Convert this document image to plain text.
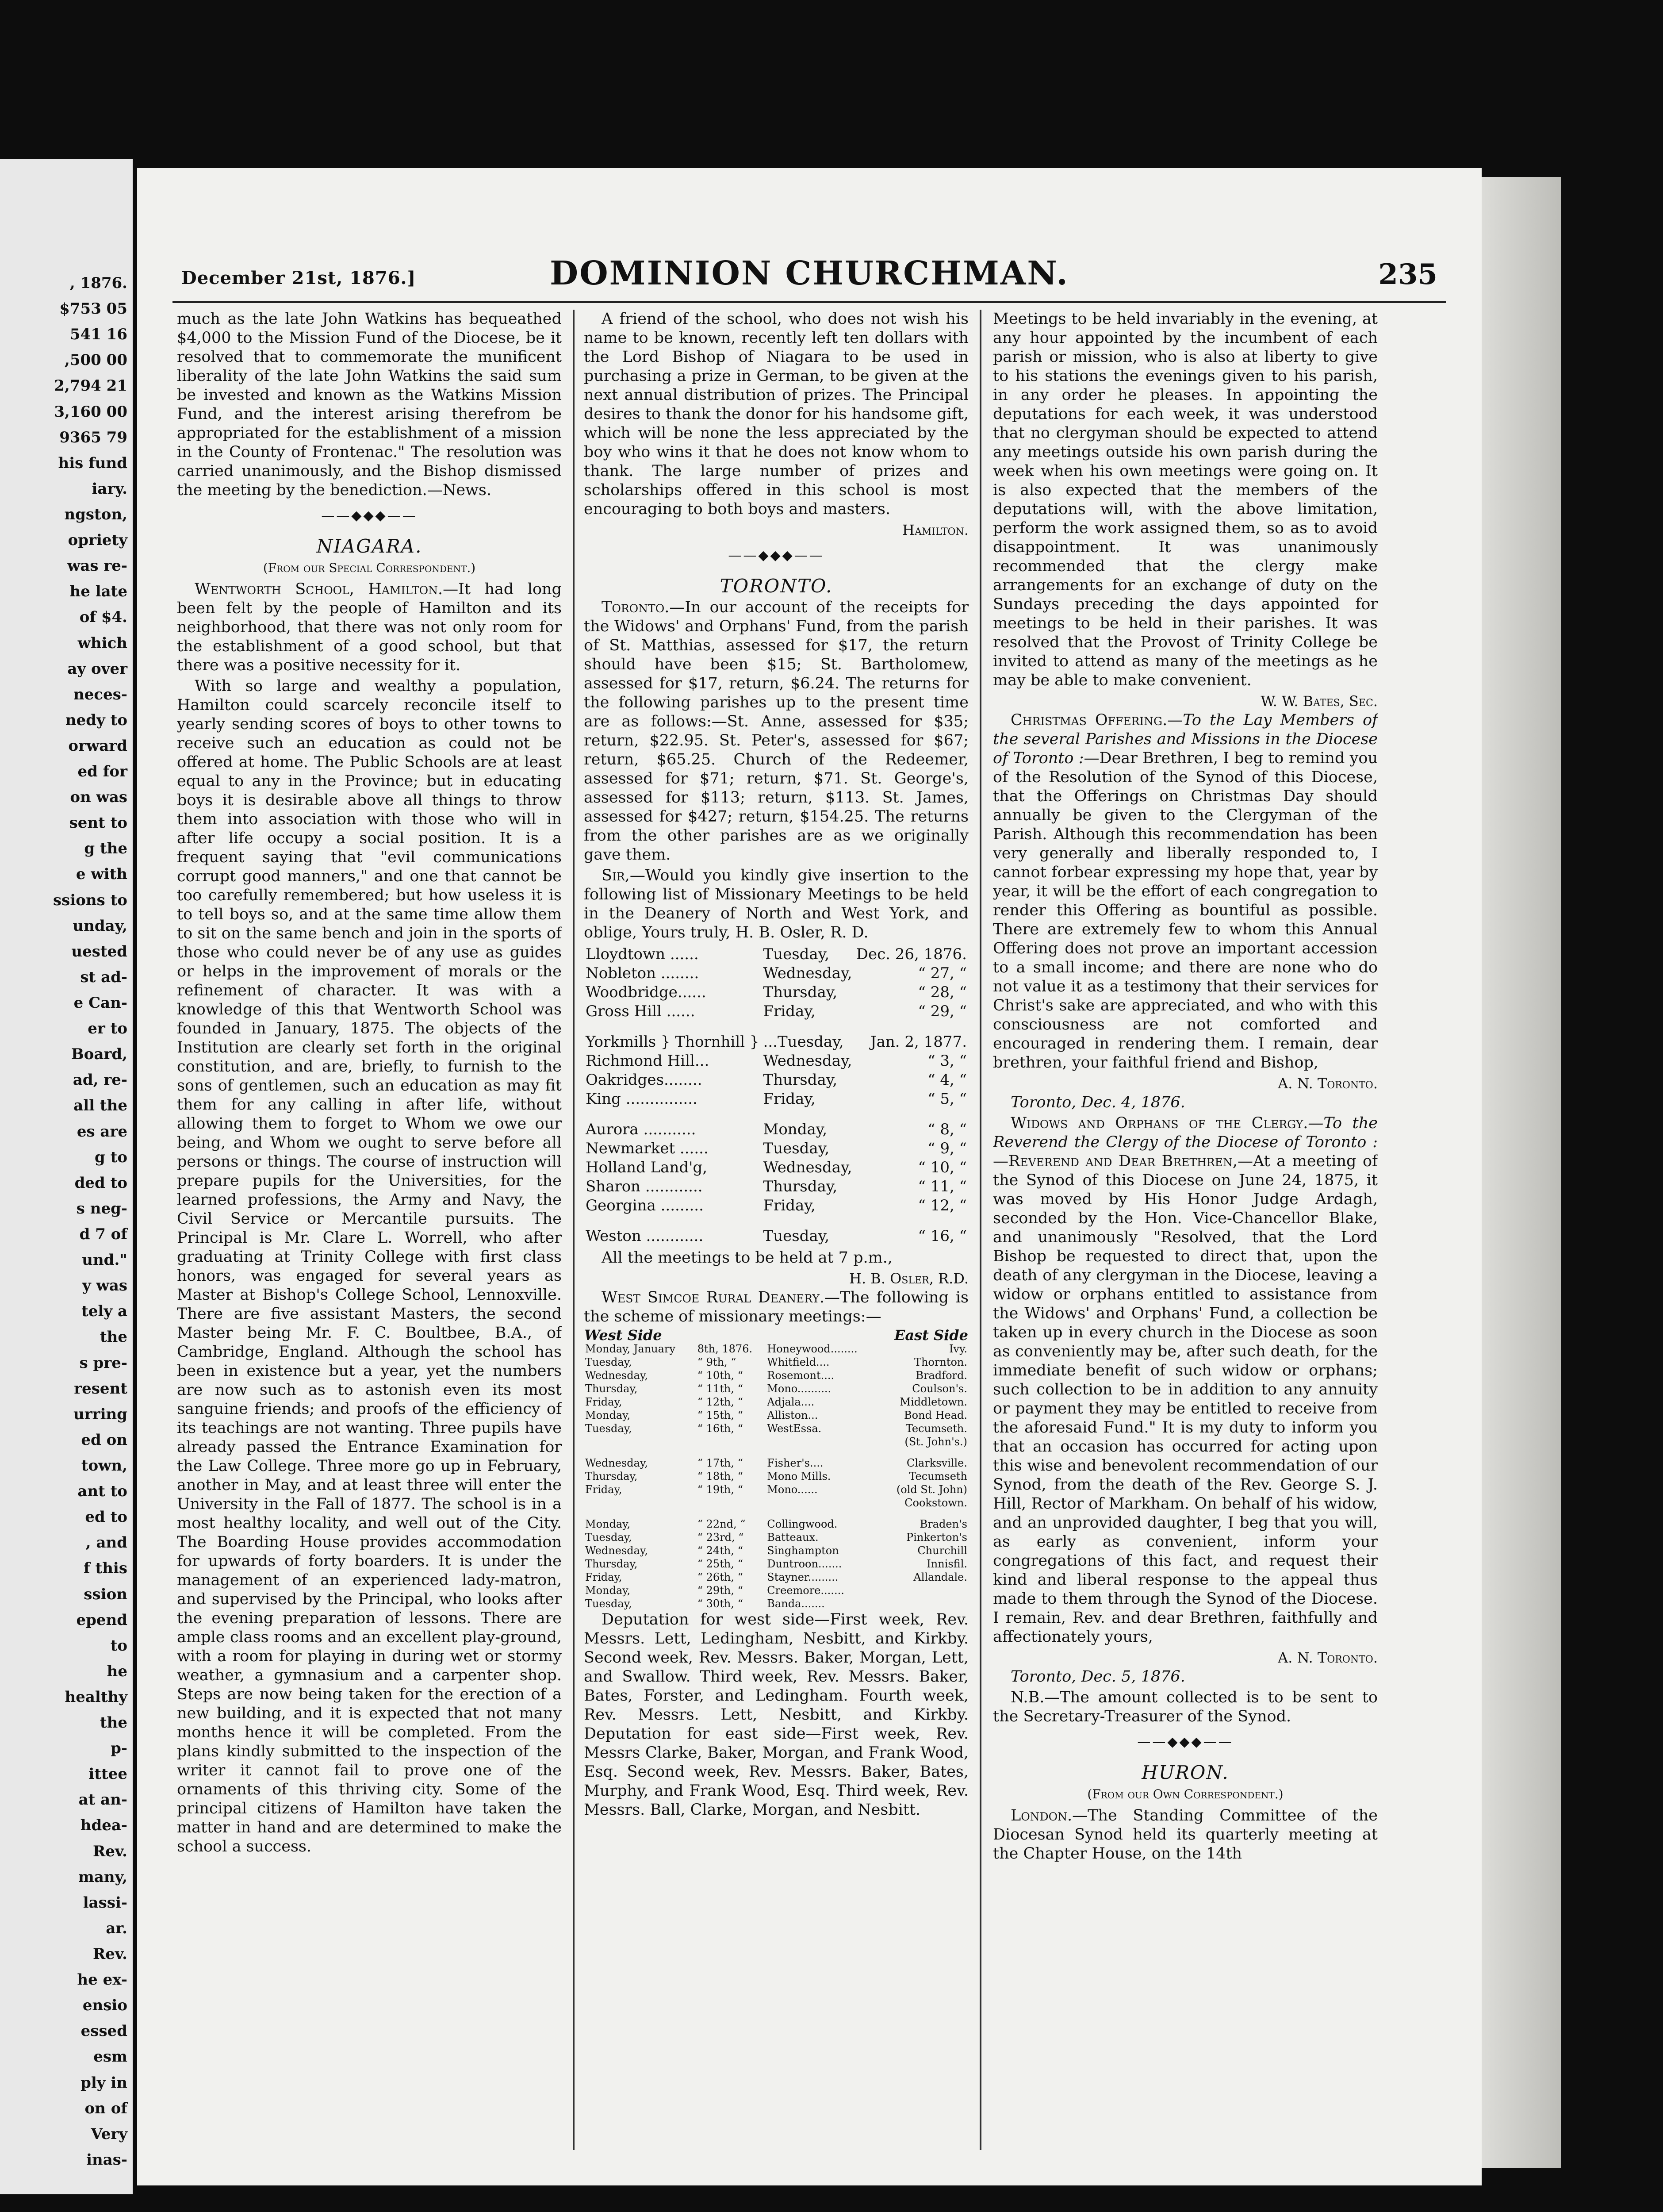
, 1876.
$753 05
541 16
,500 00
2,794 21
3,160 00
9365 79
his fund
iary.
ngston,
opriety
was re-
he late
of $4.
which
ay over
neces-
nedy to
orward
ed for
on was
sent to
g the
e with
ssions to
unday,
uested
st ad-
e Can-
er to
Board,
ad, re-
all the
es are
g to
ded to
s neg-
d 7 of
und."
y was
tely a
the
s pre-
resent
urring
ed on
town,
ant to
ed to
, and
f this
ssion
epend
to
he
healthy
the
p-
ittee
at an-
hdea-
Rev.
many,
lassi-
ar.
Rev.
he ex-
ensio
essed
esm
ply in
on of
Very
inas-
December 21st, 1876.]	DOMINION CHURCHMAN.	235

much as the late John Watkins has bequeathed $4,000 to the Mission Fund of the Diocese, be it resolved that to commemorate the munificent liberality of the late John Watkins the said sum be invested and known as the Watkins Mission Fund, and the interest arising therefrom be appropriated for the establishment of a mission in the County of Frontenac." The resolution was carried unanimously, and the Bishop dismissed the meeting by the benediction.—News.

——◆◆◆——
NIAGARA.
(From our Special Correspondent.)

Wentworth School, Hamilton.—It had long been felt by the people of Hamilton and its neighborhood, that there was not only room for the establishment of a good school, but that there was a positive necessity for it.

With so large and wealthy a population, Hamilton could scarcely reconcile itself to yearly sending scores of boys to other towns to receive such an education as could not be offered at home. The Public Schools are at least equal to any in the Province; but in educating boys it is desirable above all things to throw them into association with those who will in after life occupy a social position. It is a frequent saying that "evil communications corrupt good manners," and one that cannot be too carefully remembered; but how useless it is to tell boys so, and at the same time allow them to sit on the same bench and join in the sports of those who could never be of any use as guides or helps in the improvement of morals or the refinement of character. It was with a knowledge of this that Wentworth School was founded in January, 1875. The objects of the Institution are clearly set forth in the original constitution, and are, briefly, to furnish to the sons of gentlemen, such an education as may fit them for any calling in after life, without allowing them to forget to Whom we owe our being, and Whom we ought to serve before all persons or things. The course of instruction will prepare pupils for the Universities, for the learned professions, the Army and Navy, the Civil Service or Mercantile pursuits. The Principal is Mr. Clare L. Worrell, who after graduating at Trinity College with first class honors, was engaged for several years as Master at Bishop's College School, Lennoxville. There are five assistant Masters, the second Master being Mr. F. C. Boultbee, B.A., of Cambridge, England. Although the school has been in existence but a year, yet the numbers are now such as to astonish even its most sanguine friends; and proofs of the efficiency of its teachings are not wanting. Three pupils have already passed the Entrance Examination for the Law College. Three more go up in February, another in May, and at least three will enter the University in the Fall of 1877. The school is in a most healthy locality, and well out of the City. The Boarding House provides accommodation for upwards of forty boarders. It is under the management of an experienced lady-matron, and supervised by the Principal, who looks after the evening preparation of lessons. There are ample class rooms and an excellent play-ground, with a room for playing in during wet or stormy weather, a gymnasium and a carpenter shop. Steps are now being taken for the erection of a new building, and it is expected that not many months hence it will be completed. From the plans kindly submitted to the inspection of the writer it cannot fail to prove one of the ornaments of this thriving city. Some of the principal citizens of Hamilton have taken the matter in hand and are determined to make the school a success.

A friend of the school, who does not wish his name to be known, recently left ten dollars with the Lord Bishop of Niagara to be used in purchasing a prize in German, to be given at the next annual distribution of prizes. The Principal desires to thank the donor for his handsome gift, which will be none the less appreciated by the boy who wins it that he does not know whom to thank. The large number of prizes and scholarships offered in this school is most encouraging to both boys and masters.

Hamilton.

——◆◆◆——
TORONTO.

Toronto.—In our account of the receipts for the Widows' and Orphans' Fund, from the parish of St. Matthias, assessed for $17, the return should have been $15; St. Bartholomew, assessed for $17, return, $6.24. The returns for the following parishes up to the present time are as follows:—St. Anne, assessed for $35; return, $22.95. St. Peter's, assessed for $67; return, $65.25. Church of the Redeemer, assessed for $71; return, $71. St. George's, assessed for $113; return, $113. St. James, assessed for $427; return, $154.25. The returns from the other parishes are as we originally gave them.

Sir,—Would you kindly give insertion to the following list of Missionary Meetings to be held in the Deanery of North and West York, and oblige, Yours truly, H. B. Osler, R. D.

Lloydtown ......	Tuesday,	Dec. 26, 1876.
Nobleton ........	Wednesday,	“ 27, “
Woodbridge......	Thursday,	“ 28, “
Gross Hill ......	Friday,	“ 29, “
Yorkmills } Thornhill }	...Tuesday,	Jan. 2, 1877.
Richmond Hill...	Wednesday,	“ 3, “
Oakridges........	Thursday,	“ 4, “
King ...............	Friday,	“ 5, “
Aurora ...........	Monday,	“ 8, “
Newmarket ......	Tuesday,	“ 9, “
Holland Land'g,	Wednesday,	“ 10, “
Sharon ............	Thursday,	“ 11, “
Georgina .........	Friday,	“ 12, “
Weston ............	Tuesday,	“ 16, “

All the meetings to be held at 7 p.m.,

H. B. Osler, R.D.

West Simcoe Rural Deanery.—The following is the scheme of missionary meetings:—

West Side			East Side
Monday, January	8th, 1876.	Honeywood........	Ivy.
Tuesday,	“ 9th, “	Whitfield....	Thornton.
Wednesday,	“ 10th, “	Rosemont....	Bradford.
Thursday,	“ 11th, “	Mono..........	Coulson's.
Friday,	“ 12th, “	Adjala....	Middletown.
Monday,	“ 15th, “	Alliston...	Bond Head.
Tuesday,	“ 16th, “	WestEssa.	Tecumseth.
			(St. John's.)
Wednesday,	“ 17th, “	Fisher's....	Clarksville.
Thursday,	“ 18th, “	Mono Mills.	Tecumseth
Friday,	“ 19th, “	Mono......	(old St. John)
			Cookstown.
Monday,	“ 22nd, “	Collingwood.	Braden's
Tuesday,	“ 23rd, “	Batteaux.	Pinkerton's
Wednesday,	“ 24th, “	Singhampton	Churchill
Thursday,	“ 25th, “	Duntroon.......	Innisfil.
Friday,	“ 26th, “	Stayner.........	Allandale.
Monday,	“ 29th, “	Creemore.......	
Tuesday,	“ 30th, “	Banda.......	

Deputation for west side—First week, Rev. Messrs. Lett, Ledingham, Nesbitt, and Kirkby. Second week, Rev. Messrs. Baker, Morgan, Lett, and Swallow. Third week, Rev. Messrs. Baker, Bates, Forster, and Ledingham. Fourth week, Rev. Messrs. Lett, Nesbitt, and Kirkby. Deputation for east side—First week, Rev. Messrs Clarke, Baker, Morgan, and Frank Wood, Esq. Second week, Rev. Messrs. Baker, Bates, Murphy, and Frank Wood, Esq. Third week, Rev. Messrs. Ball, Clarke, Morgan, and Nesbitt.

Meetings to be held invariably in the evening, at any hour appointed by the incumbent of each parish or mission, who is also at liberty to give to his stations the evenings given to his parish, in any order he pleases. In appointing the deputations for each week, it was understood that no clergyman should be expected to attend any meetings outside his own parish during the week when his own meetings were going on. It is also expected that the members of the deputations will, with the above limitation, perform the work assigned them, so as to avoid disappointment. It was unanimously recommended that the clergy make arrangements for an exchange of duty on the Sundays preceding the days appointed for meetings to be held in their parishes. It was resolved that the Provost of Trinity College be invited to attend as many of the meetings as he may be able to make convenient.

W. W. Bates, Sec.

Christmas Offering.—To the Lay Members of the several Parishes and Missions in the Diocese of Toronto :—Dear Brethren, I beg to remind you of the Resolution of the Synod of this Diocese, that the Offerings on Christmas Day should annually be given to the Clergyman of the Parish. Although this recommendation has been very generally and liberally responded to, I cannot forbear expressing my hope that, year by year, it will be the effort of each congregation to render this Offering as bountiful as possible. There are extremely few to whom this Annual Offering does not prove an important accession to a small income; and there are none who do not value it as a testimony that their services for Christ's sake are appreciated, and who with this consciousness are not comforted and encouraged in rendering them. I remain, dear brethren, your faithful friend and Bishop,

A. N. Toronto.

Toronto, Dec. 4, 1876.

Widows and Orphans of the Clergy.—To the Reverend the Clergy of the Diocese of Toronto :—Reverend and Dear Brethren,—At a meeting of the Synod of this Diocese on June 24, 1875, it was moved by His Honor Judge Ardagh, seconded by the Hon. Vice-Chancellor Blake, and unanimously "Resolved, that the Lord Bishop be requested to direct that, upon the death of any clergyman in the Diocese, leaving a widow or orphans entitled to assistance from the Widows' and Orphans' Fund, a collection be taken up in every church in the Diocese as soon as conveniently may be, after such death, for the immediate benefit of such widow or orphans; such collection to be in addition to any annuity or payment they may be entitled to receive from the aforesaid Fund." It is my duty to inform you that an occasion has occurred for acting upon this wise and benevolent recommendation of our Synod, from the death of the Rev. George S. J. Hill, Rector of Markham. On behalf of his widow, and an unprovided daughter, I beg that you will, as early as convenient, inform your congregations of this fact, and request their kind and liberal response to the appeal thus made to them through the Synod of the Diocese. I remain, Rev. and dear Brethren, faithfully and affectionately yours,

A. N. Toronto.

Toronto, Dec. 5, 1876.

N.B.—The amount collected is to be sent to the Secretary-Treasurer of the Synod.

——◆◆◆——
HURON.
(From our Own Correspondent.)

London.—The Standing Committee of the Diocesan Synod held its quarterly meeting at the Chapter House, on the 14th
